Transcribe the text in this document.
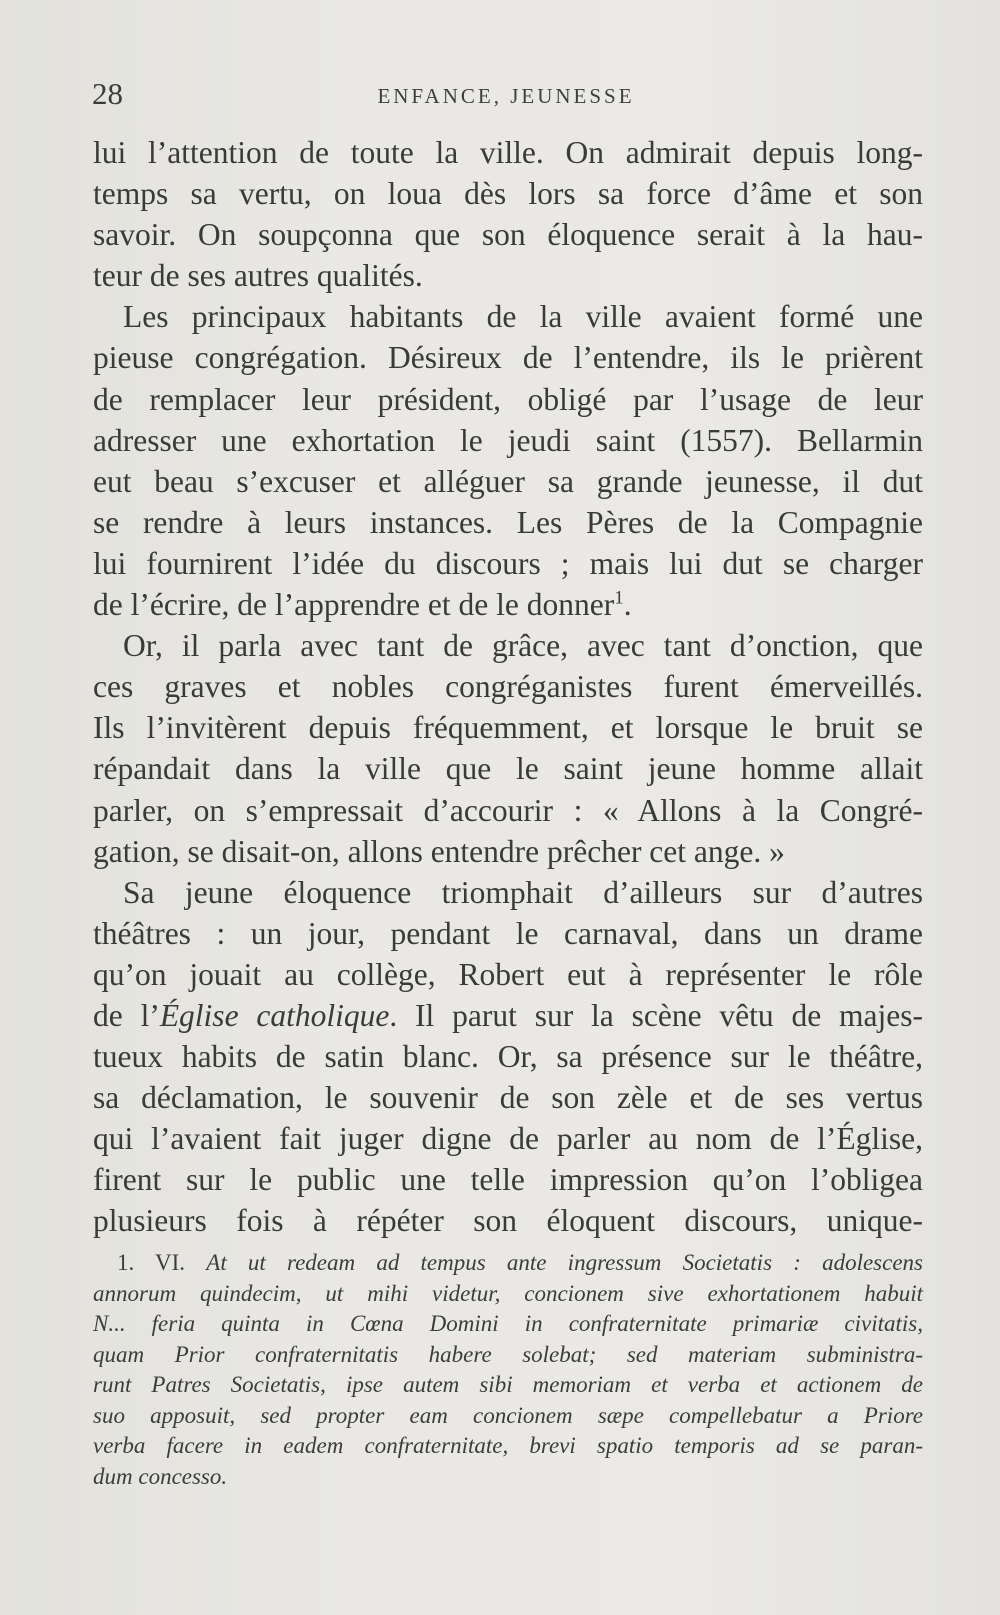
28	ENFANCE, JEUNESSE

lui l’attention de toute la ville. On admirait depuis long-
temps sa vertu, on loua dès lors sa force d’âme et son
savoir. On soupçonna que son éloquence serait à la hau-
teur de ses autres qualités.

Les principaux habitants de la ville avaient formé une
pieuse congrégation. Désireux de l’entendre, ils le prièrent
de remplacer leur président, obligé par l’usage de leur
adresser une exhortation le jeudi saint (1557). Bellarmin
eut beau s’excuser et alléguer sa grande jeunesse, il dut
se rendre à leurs instances. Les Pères de la Compagnie
lui fournirent l’idée du discours ; mais lui dut se charger
de l’écrire, de l’apprendre et de le donner$^1$.

Or, il parla avec tant de grâce, avec tant d’onction, que
ces graves et nobles congréganistes furent émerveillés.
Ils l’invitèrent depuis fréquemment, et lorsque le bruit se
répandait dans la ville que le saint jeune homme allait
parler, on s’empressait d’accourir : « Allons à la Congré-
gation, se disait-on, allons entendre prêcher cet ange. »

Sa jeune éloquence triomphait d’ailleurs sur d’autres
théâtres : un jour, pendant le carnaval, dans un drame
qu’on jouait au collège, Robert eut à représenter le rôle
de l’Église catholique. Il parut sur la scène vêtu de majes-
tueux habits de satin blanc. Or, sa présence sur le théâtre,
sa déclamation, le souvenir de son zèle et de ses vertus
qui l’avaient fait juger digne de parler au nom de l’Église,
firent sur le public une telle impression qu’on l’obligea
plusieurs fois à répéter son éloquent discours, unique-

1. VI. At ut redeam ad tempus ante ingressum Societatis : adolescens
annorum quindecim, ut mihi videtur, concionem sive exhortationem habuit
N... feria quinta in Cœna Domini in confraternitate primariæ civitatis,
quam Prior confraternitatis habere solebat; sed materiam subministra-
runt Patres Societatis, ipse autem sibi memoriam et verba et actionem de
suo apposuit, sed propter eam concionem sæpe compellebatur a Priore
verba facere in eadem confraternitate, brevi spatio temporis ad se paran-
dum concesso.
